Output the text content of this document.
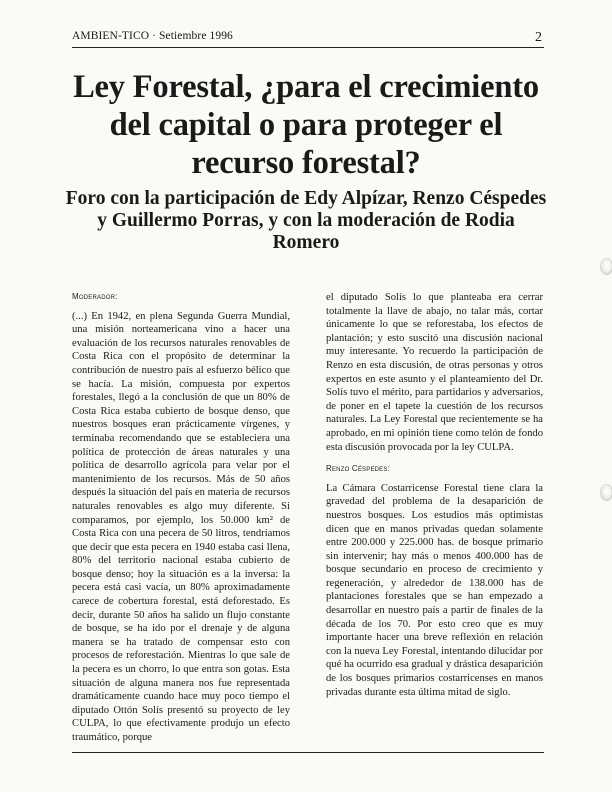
AMBIEN-TICO · Setiembre 1996	2
Ley Forestal, ¿para el crecimiento del capital o para proteger el recurso forestal?
Foro con la participación de Edy Alpízar, Renzo Céspedes y Guillermo Porras, y con la moderación de Rodia Romero

Moderador:

(...) En 1942, en plena Segunda Guerra Mundial, una misión norteamericana vino a hacer una evaluación de los recursos naturales renovables de Costa Rica con el propósito de determinar la contribución de nuestro país al esfuerzo bélico que se hacía. La misión, compuesta por expertos forestales, llegó a la conclusión de que un 80% de Costa Rica estaba cubierto de bosque denso, que nuestros bosques eran prácticamente vírgenes, y terminaba recomendando que se estableciera una política de protección de áreas naturales y una política de desarrollo agrícola para velar por el mantenimiento de los recursos. Más de 50 años después la situación del país en materia de recursos naturales renovables es algo muy diferente. Si comparamos, por ejemplo, los 50.000 km² de Costa Rica con una pecera de 50 litros, tendríamos que decir que esta pecera en 1940 estaba casi llena, 80% del territorio nacional estaba cubierto de bosque denso; hoy la situación es a la inversa: la pecera está casi vacía, un 80% aproximadamente carece de cobertura forestal, está deforestado. Es decir, durante 50 años ha salido un flujo constante de bosque, se ha ido por el drenaje y de alguna manera se ha tratado de compensar esto con procesos de reforestación. Mientras lo que sale de la pecera es un chorro, lo que entra son gotas. Esta situación de alguna manera nos fue representada dramáticamente cuando hace muy poco tiempo el diputado Ottón Solís presentó su proyecto de ley CULPA, lo que efectivamente produjo un efecto traumático, porque

el diputado Solís lo que planteaba era cerrar totalmente la llave de abajo, no talar más, cortar únicamente lo que se reforestaba, los efectos de plantación; y esto suscitó una discusión nacional muy interesante. Yo recuerdo la participación de Renzo en esta discusión, de otras personas y otros expertos en este asunto y el planteamiento del Dr. Solís tuvo el mérito, para partidarios y adversarios, de poner en el tapete la cuestión de los recursos naturales. La Ley Forestal que recientemente se ha aprobado, en mi opinión tiene como telón de fondo esta discusión provocada por la ley CULPA.

Renzo Céspedes:

La Cámara Costarricense Forestal tiene clara la gravedad del problema de la desaparición de nuestros bosques. Los estudios más optimistas dicen que en manos privadas quedan solamente entre 200.000 y 225.000 has. de bosque primario sin intervenir; hay más o menos 400.000 has de bosque secundario en proceso de crecimiento y regeneración, y alrededor de 138.000 has de plantaciones forestales que se han empezado a desarrollar en nuestro país a partir de finales de la década de los 70. Por esto creo que es muy importante hacer una breve reflexión en relación con la nueva Ley Forestal, intentando dilucidar por qué ha ocurrido esa gradual y drástica desaparición de los bosques primarios costarricenses en manos privadas durante esta última mitad de siglo.
